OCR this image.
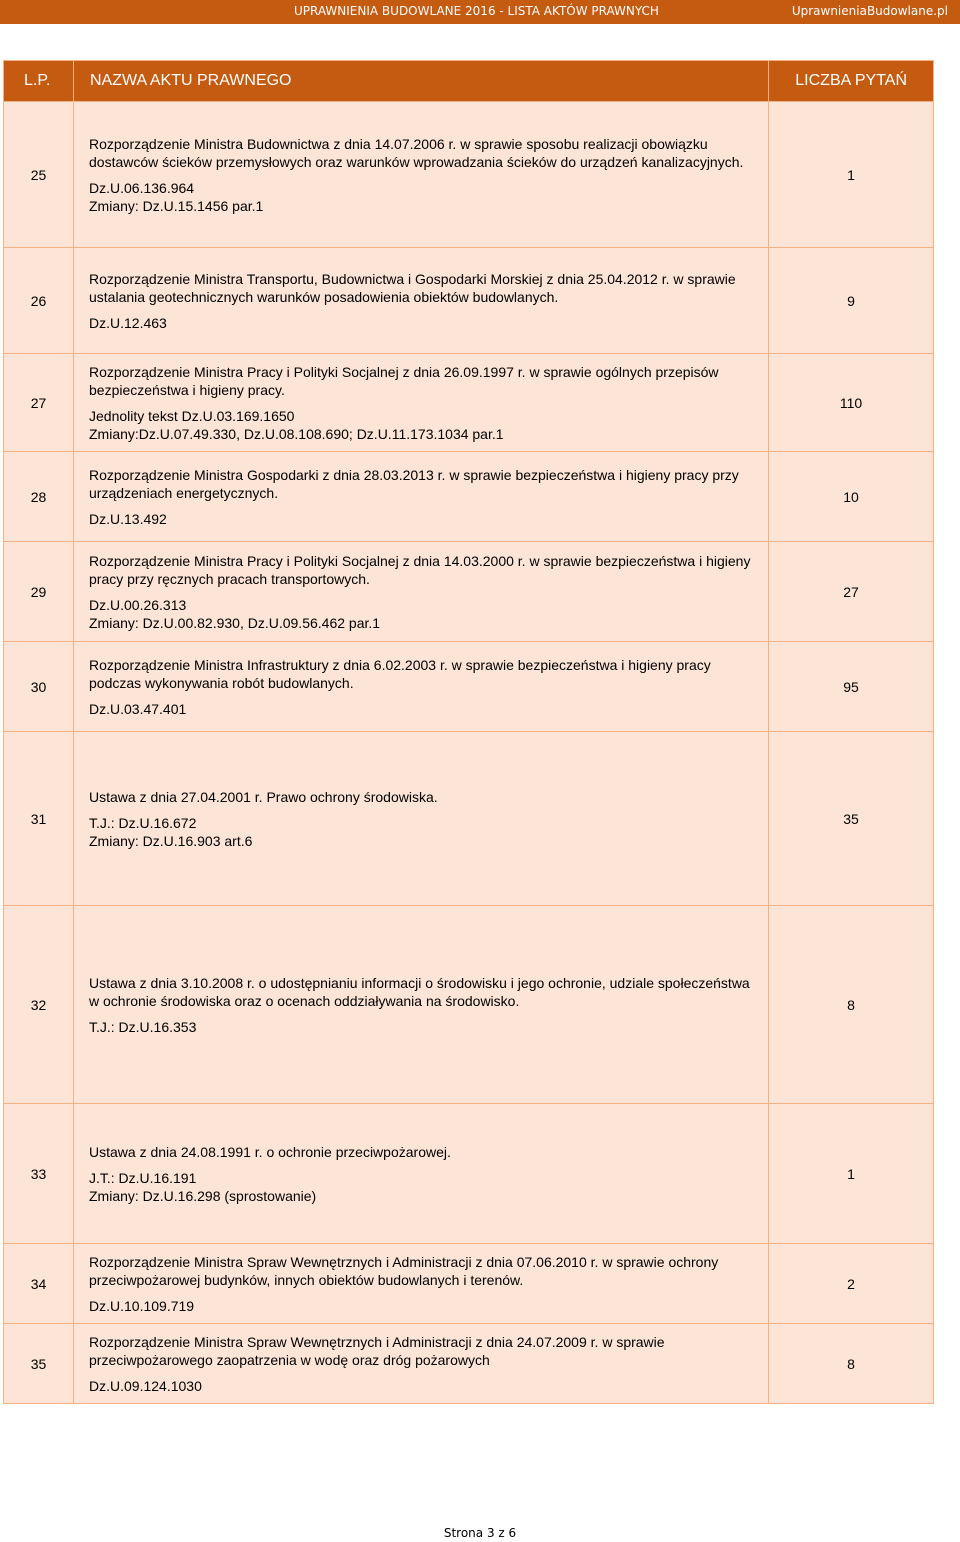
UPRAWNIENIA BUDOWLANE 2016 - LISTA AKTÓW PRAWNYCH	UprawnieniaBudowlane.pl
L.P.	NAZWA AKTU PRAWNEGO	LICZBA PYTAŃ
25	Rozporządzenie Ministra Budownictwa z dnia 14.07.2006 r. w sprawie sposobu realizacji obowiązku dostawców ścieków przemysłowych oraz warunków wprowadzania ścieków do urządzeń kanalizacyjnych.

Dz.U.06.136.964

Zmiany: Dz.U.15.1456 par.1	1
26	Rozporządzenie Ministra Transportu, Budownictwa i Gospodarki Morskiej z dnia 25.04.2012 r. w sprawie ustalania geotechnicznych warunków posadowienia obiektów budowlanych.

Dz.U.12.463	9
27	Rozporządzenie Ministra Pracy i Polityki Socjalnej z dnia 26.09.1997 r. w sprawie ogólnych przepisów bezpieczeństwa i higieny pracy.

Jednolity tekst Dz.U.03.169.1650

Zmiany:Dz.U.07.49.330, Dz.U.08.108.690; Dz.U.11.173.1034 par.1	110
28	Rozporządzenie Ministra Gospodarki z dnia 28.03.2013 r. w sprawie bezpieczeństwa i higieny pracy przy urządzeniach energetycznych.

Dz.U.13.492	10
29	Rozporządzenie Ministra Pracy i Polityki Socjalnej z dnia 14.03.2000 r. w sprawie bezpieczeństwa i higieny pracy przy ręcznych pracach transportowych.

Dz.U.00.26.313

Zmiany: Dz.U.00.82.930, Dz.U.09.56.462 par.1	27
30	Rozporządzenie Ministra Infrastruktury z dnia 6.02.2003 r. w sprawie bezpieczeństwa i higieny pracy podczas wykonywania robót budowlanych.

Dz.U.03.47.401	95
31	Ustawa z dnia 27.04.2001 r. Prawo ochrony środowiska.

T.J.: Dz.U.16.672

Zmiany: Dz.U.16.903 art.6	35
32	Ustawa z dnia 3.10.2008 r. o udostępnianiu informacji o środowisku i jego ochronie, udziale społeczeństwa w ochronie środowiska oraz o ocenach oddziaływania na środowisko.

T.J.: Dz.U.16.353	8
33	Ustawa z dnia 24.08.1991 r. o ochronie przeciwpożarowej.

J.T.: Dz.U.16.191

Zmiany: Dz.U.16.298 (sprostowanie)	1
34	Rozporządzenie Ministra Spraw Wewnętrznych i Administracji z dnia 07.06.2010 r. w sprawie ochrony przeciwpożarowej budynków, innych obiektów budowlanych i terenów.

Dz.U.10.109.719	2
35	Rozporządzenie Ministra Spraw Wewnętrznych i Administracji z dnia 24.07.2009 r. w sprawie przeciwpożarowego zaopatrzenia w wodę oraz dróg pożarowych

Dz.U.09.124.1030	8
Strona 3 z 6
